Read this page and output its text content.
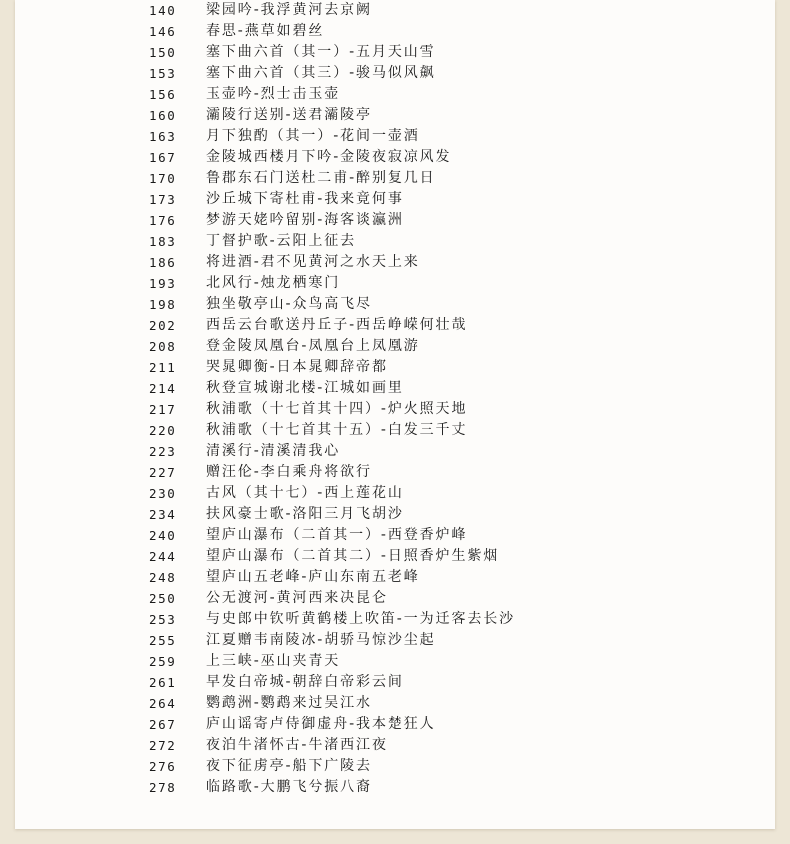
140	梁园吟-我浮黄河去京阙
146	春思-燕草如碧丝
150	塞下曲六首（其一）-五月天山雪
153	塞下曲六首（其三）-骏马似风飙
156	玉壶吟-烈士击玉壶
160	灞陵行送别-送君灞陵亭
163	月下独酌（其一）-花间一壶酒
167	金陵城西楼月下吟-金陵夜寂凉风发
170	鲁郡东石门送杜二甫-醉别复几日
173	沙丘城下寄杜甫-我来竟何事
176	梦游天姥吟留别-海客谈瀛洲
183	丁督护歌-云阳上征去
186	将进酒-君不见黄河之水天上来
193	北风行-烛龙栖寒门
198	独坐敬亭山-众鸟高飞尽
202	西岳云台歌送丹丘子-西岳峥嵘何壮哉
208	登金陵凤凰台-凤凰台上凤凰游
211	哭晁卿衡-日本晁卿辞帝都
214	秋登宣城谢北楼-江城如画里
217	秋浦歌（十七首其十四）-炉火照天地
220	秋浦歌（十七首其十五）-白发三千丈
223	清溪行-清溪清我心
227	赠汪伦-李白乘舟将欲行
230	古风（其十七）-西上莲花山
234	扶风豪士歌-洛阳三月飞胡沙
240	望庐山瀑布（二首其一）-西登香炉峰
244	望庐山瀑布（二首其二）-日照香炉生紫烟
248	望庐山五老峰-庐山东南五老峰
250	公无渡河-黄河西来决昆仑
253	与史郎中钦听黄鹤楼上吹笛-一为迁客去长沙
255	江夏赠韦南陵冰-胡骄马惊沙尘起
259	上三峡-巫山夹青天
261	早发白帝城-朝辞白帝彩云间
264	鹦鹉洲-鹦鹉来过吴江水
267	庐山谣寄卢侍御虚舟-我本楚狂人
272	夜泊牛渚怀古-牛渚西江夜
276	夜下征虏亭-船下广陵去
278	临路歌-大鹏飞兮振八裔
